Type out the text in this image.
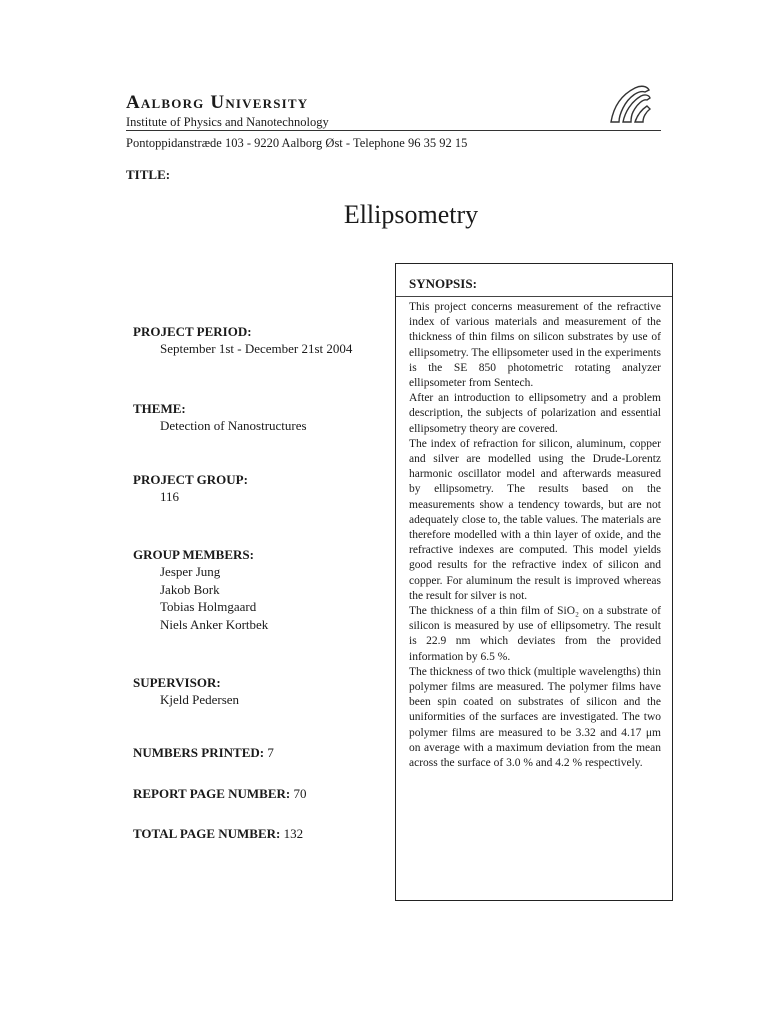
Aalborg University
Institute of Physics and Nanotechnology
Pontoppidanstræde 103 - 9220 Aalborg Øst - Telephone 96 35 92 15
TITLE:
Ellipsometry
PROJECT PERIOD:
September 1st - December 21st 2004
THEME:
Detection of Nanostructures
PROJECT GROUP:
116
GROUP MEMBERS:
Jesper Jung
Jakob Bork
Tobias Holmgaard
Niels Anker Kortbek
SUPERVISOR:
Kjeld Pedersen
NUMBERS PRINTED: 7
REPORT PAGE NUMBER: 70
TOTAL PAGE NUMBER: 132
SYNOPSIS:

This project concerns measurement of the refractive index of various materials and measurement of the thickness of thin films on silicon substrates by use of ellipsometry. The ellipsometer used in the experiments is the SE 850 photometric rotating analyzer ellipsometer from Sentech.

After an introduction to ellipsometry and a problem description, the subjects of polarization and essential ellipsometry theory are covered.

The index of refraction for silicon, aluminum, copper and silver are modelled using the Drude-Lorentz harmonic oscillator model and afterwards measured by ellipsometry. The results based on the measurements show a tendency towards, but are not adequately close to, the table values. The materials are therefore modelled with a thin layer of oxide, and the refractive indexes are computed. This model yields good results for the refractive index of silicon and copper. For aluminum the result is improved whereas the result for silver is not.

The thickness of a thin film of SiO₂ on a substrate of silicon is measured by use of ellipsometry. The result is 22.9 nm which deviates from the provided information by 6.5 %.

The thickness of two thick (multiple wavelengths) thin polymer films are measured. The polymer films have been spin coated on substrates of silicon and the uniformities of the surfaces are investigated. The two polymer films are measured to be 3.32 and 4.17 μm on average with a maximum deviation from the mean across the surface of 3.0 % and 4.2 % respectively.
